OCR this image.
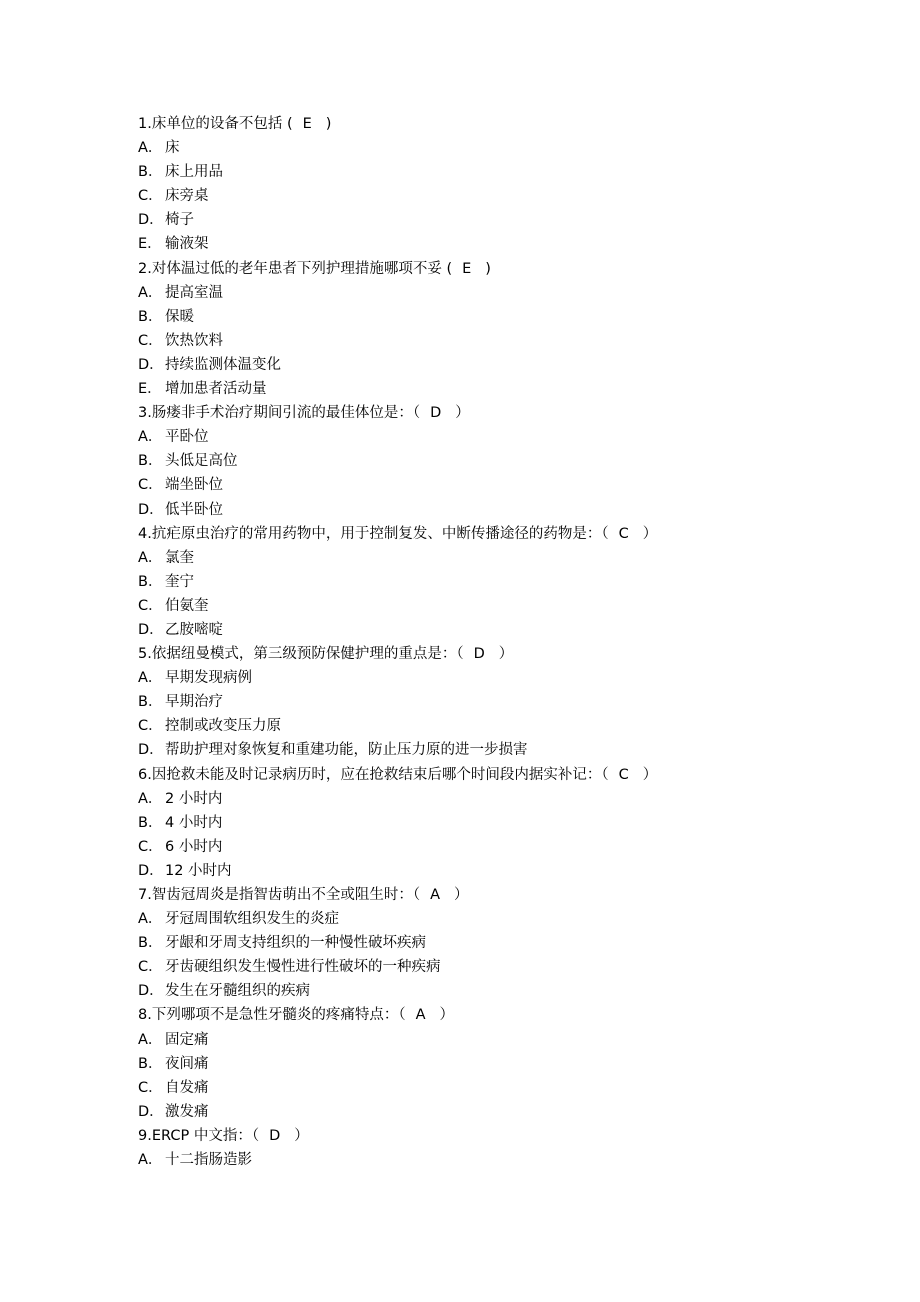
1.床单位的设备不包括 ( E )
A． 床
B． 床上用品
C． 床旁桌
D．椅子
E． 输液架
2.对体温过低的老年患者下列护理措施哪项不妥 ( E )
A． 提高室温
B． 保暖
C． 饮热饮料
D．持续监测体温变化
E． 增加患者活动量
3.肠瘘非手术治疗期间引流的最佳体位是：（ D ）
A． 平卧位
B． 头低足高位
C． 端坐卧位
D．低半卧位
4.抗疟原虫治疗的常用药物中，用于控制复发、中断传播途径的药物是：（ C ）
A． 氯奎
B． 奎宁
C． 伯氨奎
D．乙胺嘧啶
5.依据纽曼模式，第三级预防保健护理的重点是：（ D ）
A． 早期发现病例
B． 早期治疗
C． 控制或改变压力原
D．帮助护理对象恢复和重建功能，防止压力原的进一步损害
6.因抢救未能及时记录病历时，应在抢救结束后哪个时间段内据实补记：（ C ）
A． 2 小时内
B． 4 小时内
C． 6 小时内
D．12 小时内
7.智齿冠周炎是指智齿萌出不全或阻生时：（ A ）
A． 牙冠周围软组织发生的炎症
B． 牙龈和牙周支持组织的一种慢性破坏疾病
C． 牙齿硬组织发生慢性进行性破坏的一种疾病
D．发生在牙髓组织的疾病
8.下列哪项不是急性牙髓炎的疼痛特点：（ A ）
A． 固定痛
B． 夜间痛
C． 自发痛
D．激发痛
9.ERCP 中文指：（ D ）
A． 十二指肠造影
